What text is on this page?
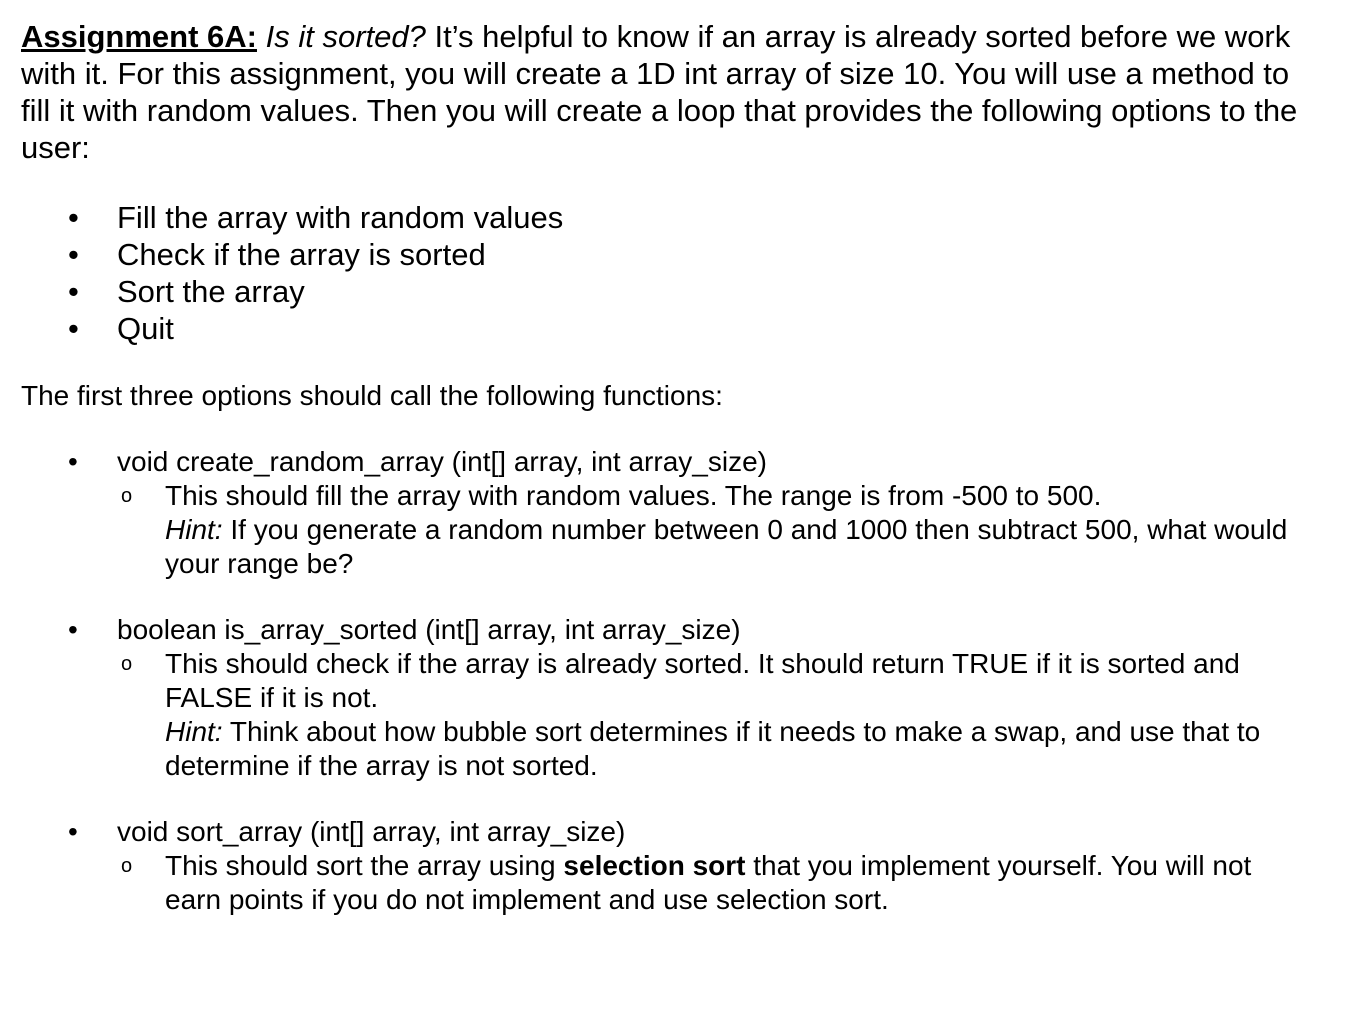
Assignment 6A: Is it sorted? It’s helpful to know if an array is already sorted before we work with it. For this assignment, you will create a 1D int array of size 10. You will use a method to fill it with random values. Then you will create a loop that provides the following options to the user:

• Fill the array with random values
• Check if the array is sorted
• Sort the array
• Quit

The first three options should call the following functions:

• void create_random_array (int[] array, int array_size)
o This should fill the array with random values. The range is from -500 to 500.

Hint: If you generate a random number between 0 and 1000 then subtract 500, what would your range be?

• boolean is_array_sorted (int[] array, int array_size)
o This should check if the array is already sorted. It should return TRUE if it is sorted and FALSE if it is not.

Hint: Think about how bubble sort determines if it needs to make a swap, and use that to determine if the array is not sorted.

• void sort_array (int[] array, int array_size)
o This should sort the array using selection sort that you implement yourself. You will not earn points if you do not implement and use selection sort.
